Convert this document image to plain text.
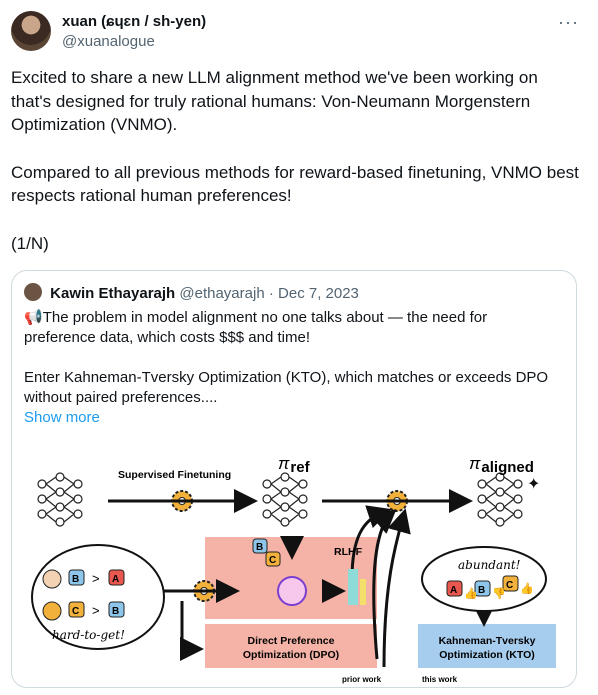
xuan (ɕɥɛn / sh-yen)
@xuanalogue
···

Excited to share a new LLM alignment method we've been working on that's designed for truly rational humans: Von-Neumann Morgenstern Optimization (VNMO).

Compared to all previous methods for reward-based finetuning, VNMO best respects rational human preferences!

(1/N)

Kawin Ethayarajh @ethayarajh · Dec 7, 2023

📢The problem in model alignment no one talks about — the need for preference data, which costs $$$ and time!

Enter Kahneman-Tversky Optimization (KTO), which matches or exceeds DPO without paired preferences....

Show more

✦
👍 👎 👍
Supervised Finetuning
πref	πaligned
RLHF
Direct Preference
Optimization (DPO)
Kahneman-Tversky
Optimization (KTO)
hard-to-get!
abundant!
prior work	this work
B
C
B > A
C > B
A B C
